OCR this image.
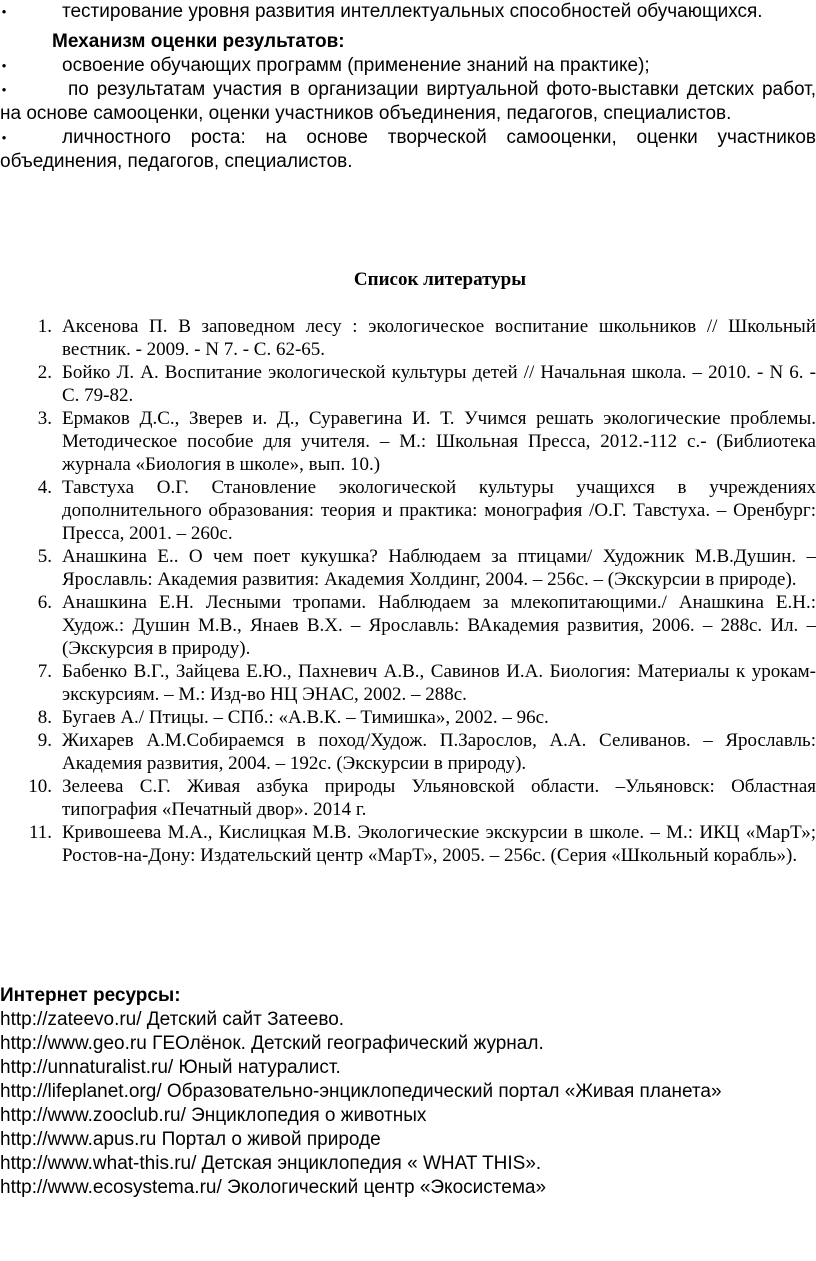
•	тестирование уровня развития интеллектуальных способностей обучающихся.
Механизм оценки результатов:
•	освоение обучающих программ (применение знаний на практике);
•	по результатам участия в организации виртуальной фото-выставки детских работ,
на основе самооценки, оценки участников объединения, педагогов, специалистов.
•	личностного роста: на основе творческой самооценки, оценки участников
объединения, педагогов, специалистов.
Список литературы
1. Аксенова П. В заповедном лесу : экологическое воспитание школьников // Школьный вестник. - 2009. - N 7. - С. 62-65.
2. Бойко Л. А. Воспитание экологической культуры детей // Начальная школа. – 2010. - N 6. - С. 79-82.
3. Ермаков Д.С., Зверев и. Д., Суравегина И. Т. Учимся решать экологические проблемы. Методическое пособие для учителя. – М.: Школьная Пресса, 2012.-112 с.- (Библиотека журнала «Биология в школе», вып. 10.)
4. Тавстуха О.Г. Становление экологической культуры учащихся в учреждениях дополнительного образования: теория и практика: монография /О.Г. Тавстуха. – Оренбург: Пресса, 2001. – 260с.
5. Анашкина Е.. О чем поет кукушка? Наблюдаем за птицами/ Художник М.В.Душин. – Ярославль: Академия развития: Академия Холдинг, 2004. – 256с. – (Экскурсии в природе).
6. Анашкина Е.Н. Лесными тропами. Наблюдаем за млекопитающими./ Анашкина Е.Н.: Худож.: Душин М.В., Янаев В.Х. – Ярославль: ВАкадемия развития, 2006. – 288с. Ил. – (Экскурсия в природу).
7. Бабенко В.Г., Зайцева Е.Ю., Пахневич А.В., Савинов И.А. Биология: Материалы к урокам-экскурсиям. – М.: Изд-во НЦ ЭНАС, 2002. – 288с.
8. Бугаев А./ Птицы. – СПб.: «А.В.К. – Тимишка», 2002. – 96с.
9. Жихарев А.М.Собираемся в поход/Худож. П.Зарослов, А.А. Селиванов. – Ярославль: Академия развития, 2004. – 192с. (Экскурсии в природу).
10. Зелеева С.Г. Живая азбука природы Ульяновской области. –Ульяновск: Областная типография «Печатный двор». 2014 г.
11. Кривошеева М.А., Кислицкая М.В. Экологические экскурсии в школе. – М.: ИКЦ «МарТ»; Ростов-на-Дону: Издательский центр «МарТ», 2005. – 256с. (Серия «Школьный корабль»).
Интернет ресурсы:
http://zateevo.ru/ Детский сайт Затеево.
http://www.geo.ru ГЕОлёнок. Детский географический журнал.
http://unnaturalist.ru/ Юный натуралист.
http://lifeplanet.org/ Образовательно-энциклопедический портал «Живая планета»
http://www.zooclub.ru/ Энциклопедия о животных
http://www.apus.ru Портал о живой природе
http://www.what-this.ru/ Детская энциклопедия « WHAT THIS».
http://www.ecosystema.ru/ Экологический центр «Экосистема»
